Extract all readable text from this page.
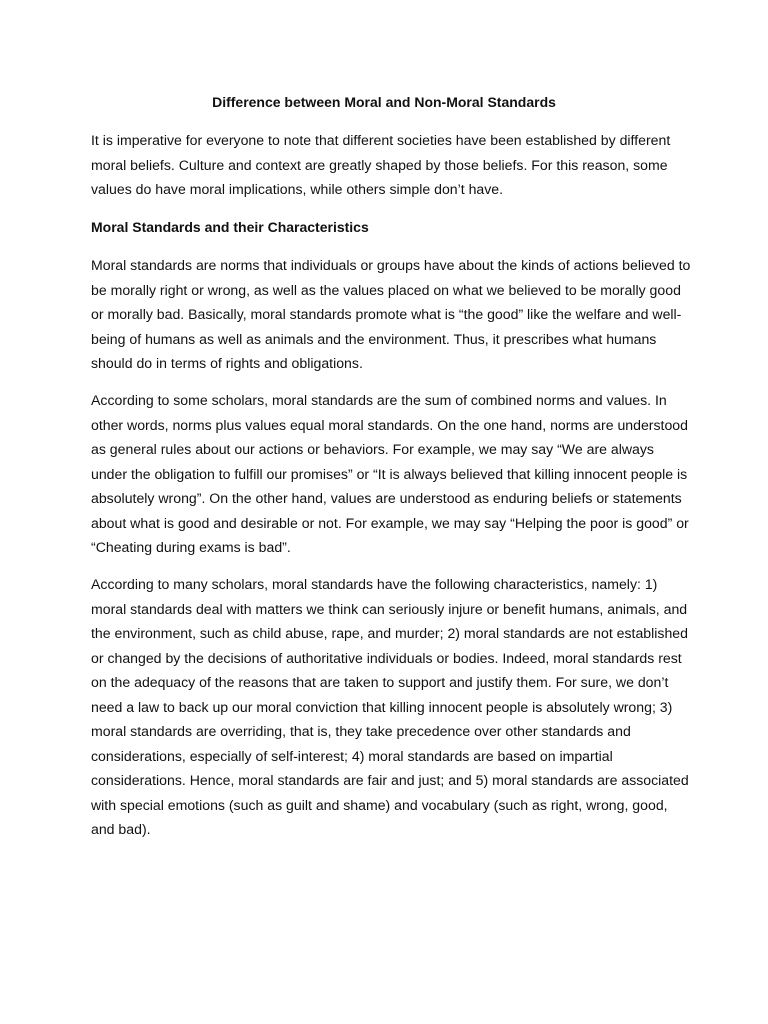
Difference between Moral and Non-Moral Standards

It is imperative for everyone to note that different societies have been established by different
moral beliefs. Culture and context are greatly shaped by those beliefs. For this reason, some
values do have moral implications, while others simple don’t have.

Moral Standards and their Characteristics

Moral standards are norms that individuals or groups have about the kinds of actions believed to
be morally right or wrong, as well as the values placed on what we believed to be morally good
or morally bad. Basically, moral standards promote what is “the good” like the welfare and well-
being of humans as well as animals and the environment. Thus, it prescribes what humans
should do in terms of rights and obligations.

According to some scholars, moral standards are the sum of combined norms and values. In
other words, norms plus values equal moral standards. On the one hand, norms are understood
as general rules about our actions or behaviors. For example, we may say “We are always
under the obligation to fulfill our promises” or “It is always believed that killing innocent people is
absolutely wrong”. On the other hand, values are understood as enduring beliefs or statements
about what is good and desirable or not. For example, we may say “Helping the poor is good” or
“Cheating during exams is bad”.

According to many scholars, moral standards have the following characteristics, namely: 1)
moral standards deal with matters we think can seriously injure or benefit humans, animals, and
the environment, such as child abuse, rape, and murder; 2) moral standards are not established
or changed by the decisions of authoritative individuals or bodies. Indeed, moral standards rest
on the adequacy of the reasons that are taken to support and justify them. For sure, we don’t
need a law to back up our moral conviction that killing innocent people is absolutely wrong; 3)
moral standards are overriding, that is, they take precedence over other standards and
considerations, especially of self-interest; 4) moral standards are based on impartial
considerations. Hence, moral standards are fair and just; and 5) moral standards are associated
with special emotions (such as guilt and shame) and vocabulary (such as right, wrong, good,
and bad).
